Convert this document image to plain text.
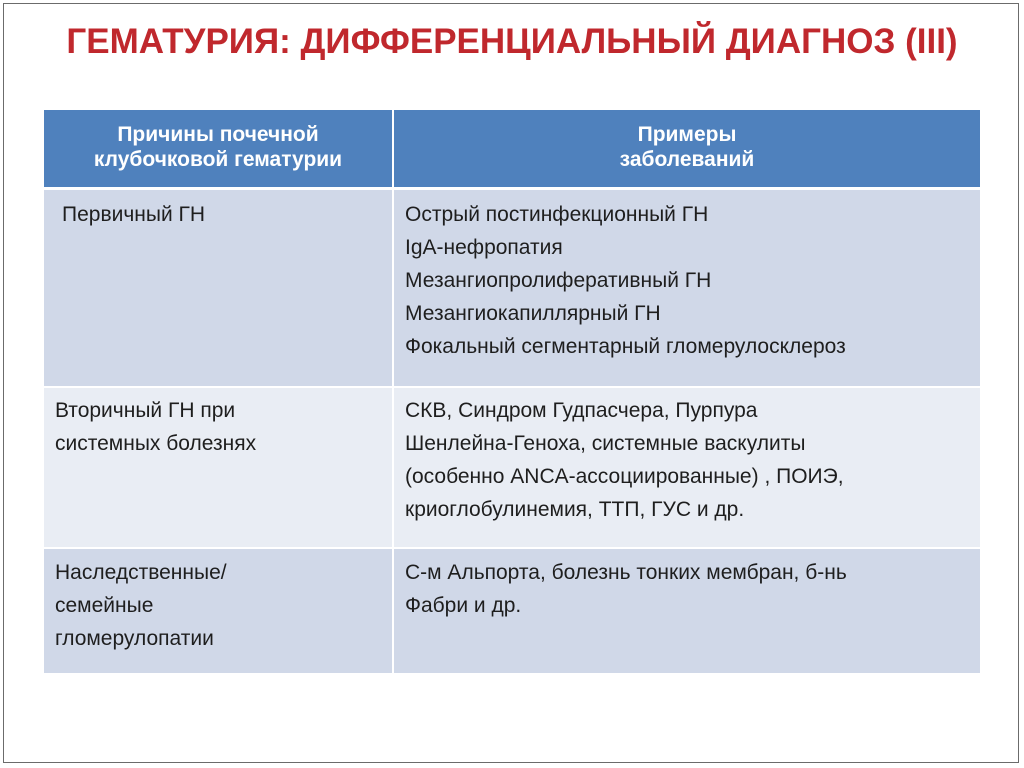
ГЕМАТУРИЯ: ДИФФЕРЕНЦИАЛЬНЫЙ ДИАГНОЗ (III)
Причины почечной
клубочковой гематурии	Примеры
заболеваний

Первичный ГН	Острый постинфекционный ГН
IgA-нефропатия
Мезангиопролиферативный ГН
Мезангиокапиллярный ГН
Фокальный сегментарный гломерулосклероз

Вторичный ГН при
системных болезнях	СКВ, Синдром Гудпасчера, Пурпура
Шенлейна-Геноха, системные васкулиты
(особенно ANCA-ассоциированные) , ПОИЭ,
криоглобулинемия, ТТП, ГУС и др.

Наследственные/
семейные
гломерулопатии	С-м Альпорта, болезнь тонких мембран, б-нь
Фабри и др.
